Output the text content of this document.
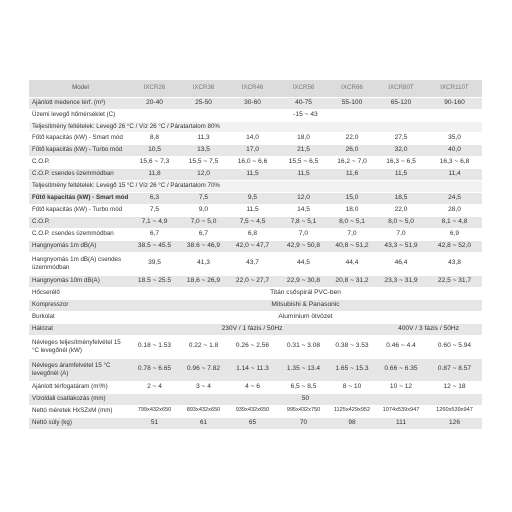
Model	IXCR26	IXCR36	IXCR46	IXCR56	IXCR66	IXCR80T	IXCR110T
Ajánlott medence térf. (m³)	20-40	25-50	30-60	40-75	55-100	65-120	90-160
Üzemi levegő hőmérséklet (C)	-15 ~ 43						
Teljesítmény feltételek: Levegő 26 °C / Víz 26 °C / Páratartalom 80%							
Fűtő kapacitás (kW) - Smart mód	8,8	11,3	14,0	18,0	22,0	27,5	35,0
Fűtő kapacitás (kW) - Turbo mód	10,5	13,5	17,0	21,5	26,0	32,0	40,0
C.O.P.	15,6 ~ 7,3	15,5 ~ 7,5	16,0 ~ 6,6	15,5 ~ 6,5	16,2 ~ 7,0	16,3 ~ 6,5	16,3 ~ 6,8
C.O.P. csendes üzemmódban	11,8	12,0	11,5	11,5	11,6	11,5	11,4
Teljesítmény feltételek: Levegő 15 °C / Víz 26 °C / Páratartalom 70%							
Fűtő kapacitás (kW) - Smart mód	6,3	7,5	9,5	12,0	15,0	18,5	24,5
Fűtő kapacitás (kW) - Turbo mód	7,5	9,0	11,5	14,5	18,0	22,0	28,0
C.O.P.	7,1 ~ 4,9	7,0 ~ 5,0	7,5 ~ 4,5	7,8 ~ 5,1	8,0 ~ 5,1	8,0 ~ 5,0	8,1 ~ 4,8
C.O.P. csendes üzemmódban	6,7	6,7	6,8	7,0	7,0	7,0	6,9
Hangnyomás 1m dB(A)	38.5 ~ 45.5	38.6 ~ 46,9	42,0 ~ 47,7	42,9 ~ 50,8	40,8 ~ 51,2	43,3 ~ 51,9	42,8 ~ 52,0
Hangnyomás 1m dB(A) csendes üzemmódban	39,5	41,3	43,7	44,5	44,4	46,4	43,8
Hangnyomás 10m dB(A)	18.5 ~ 25.5	18,6 ~ 26,9	22,0 ~ 27,7	22,9 ~ 30,8	20,8 ~ 31,2	23,3 ~ 31,9	22,5 ~ 31,7
Hőcserélő	Titán csőspirál PVC-ben						
Kompresszor	Mitsubishi & Panasonic						
Burkolat	Alumínium ötvözet						
Hálózat	230V / 1 fázis / 50Hz					400V / 3 fázis / 50Hz	
Névleges teljesítményfelvétel 15 °C levegőnél (kW)	0.18 ~ 1.53	0.22 ~ 1.8	0.26 ~ 2.56	0.31 ~ 3.08	0.38 ~ 3.53	0.46 ~ 4.4	0.60 ~ 5.94
Névleges áramfelvétel 15 °C levegőnél (A)	0.78 ~ 6.65	0.96 ~ 7.82	1.14 ~ 11.3	1.35 ~ 13.4	1.65 ~ 15.3	0.66 ~ 6.35	0.87 ~ 8.57
Ajánlott térfogatáram (m³/h)	2 ~ 4	3 ~ 4	4 ~ 6	6,5 ~ 8,5	8 ~ 10	10 ~ 12	12 ~ 18
Vízoldali csatlakozás (mm)	50						
Nettó méretek HxSZxM (mm)	799x432x650	893x432x650	939x432x650	995x432x750	1125x429x952	1074x539x947	1260x539x947
Nettó súly (kg)	51	61	65	70	98	111	126
